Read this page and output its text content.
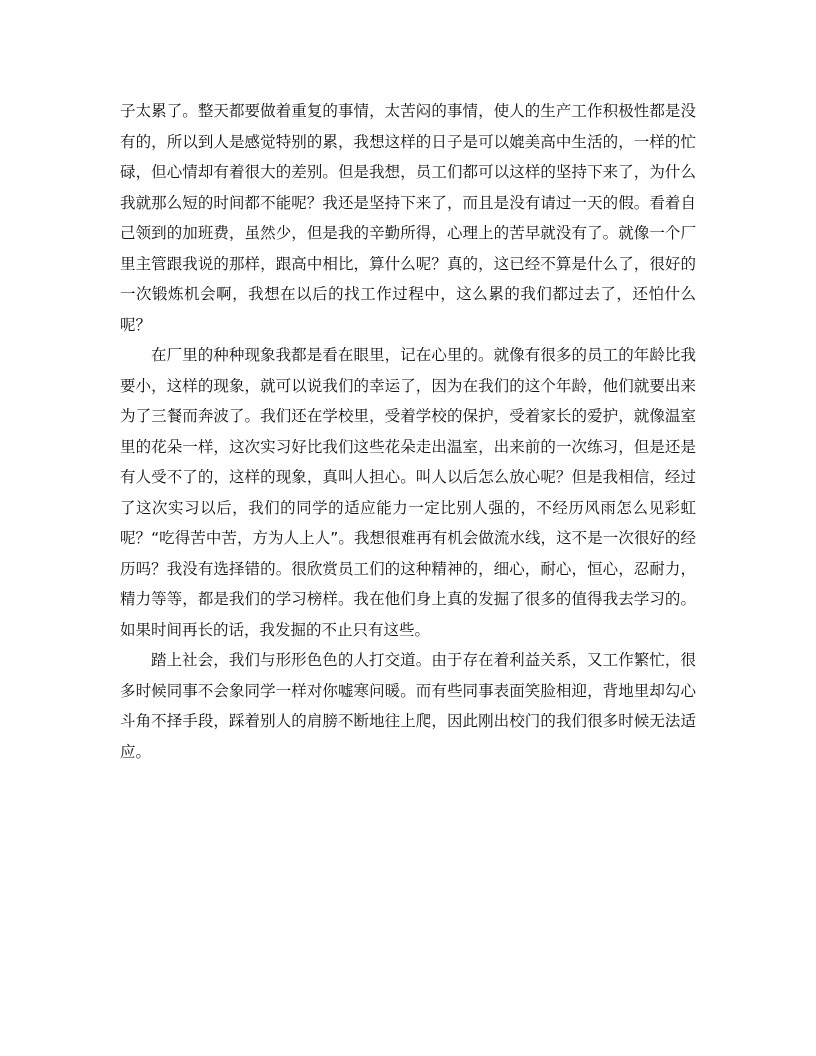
子太累了。整天都要做着重复的事情，太苦闷的事情，使人的生产工作积极性都是没有的，所以到人是感觉特别的累，我想这样的日子是可以媲美高中生活的，一样的忙碌，但心情却有着很大的差别。但是我想，员工们都可以这样的坚持下来了，为什么我就那么短的时间都不能呢？我还是坚持下来了，而且是没有请过一天的假。看着自己领到的加班费，虽然少，但是我的辛勤所得，心理上的苦早就没有了。就像一个厂里主管跟我说的那样，跟高中相比，算什么呢？真的，这已经不算是什么了，很好的一次锻炼机会啊，我想在以后的找工作过程中，这么累的我们都过去了，还怕什么呢？

在厂里的种种现象我都是看在眼里，记在心里的。就像有很多的员工的年龄比我要小，这样的现象，就可以说我们的幸运了，因为在我们的这个年龄，他们就要出来为了三餐而奔波了。我们还在学校里，受着学校的保护，受着家长的爱护，就像温室里的花朵一样，这次实习好比我们这些花朵走出温室，出来前的一次练习，但是还是有人受不了的，这样的现象，真叫人担心。叫人以后怎么放心呢？但是我相信，经过了这次实习以后，我们的同学的适应能力一定比别人强的，不经历风雨怎么见彩虹呢？“吃得苦中苦，方为人上人”。我想很难再有机会做流水线，这不是一次很好的经历吗？我没有选择错的。很欣赏员工们的这种精神的，细心，耐心，恒心，忍耐力，精力等等，都是我们的学习榜样。我在他们身上真的发掘了很多的值得我去学习的。如果时间再长的话，我发掘的不止只有这些。

踏上社会，我们与形形色色的人打交道。由于存在着利益关系，又工作繁忙，很多时候同事不会象同学一样对你嘘寒问暖。而有些同事表面笑脸相迎，背地里却勾心斗角不择手段，踩着别人的肩膀不断地往上爬，因此刚出校门的我们很多时候无法适应。
